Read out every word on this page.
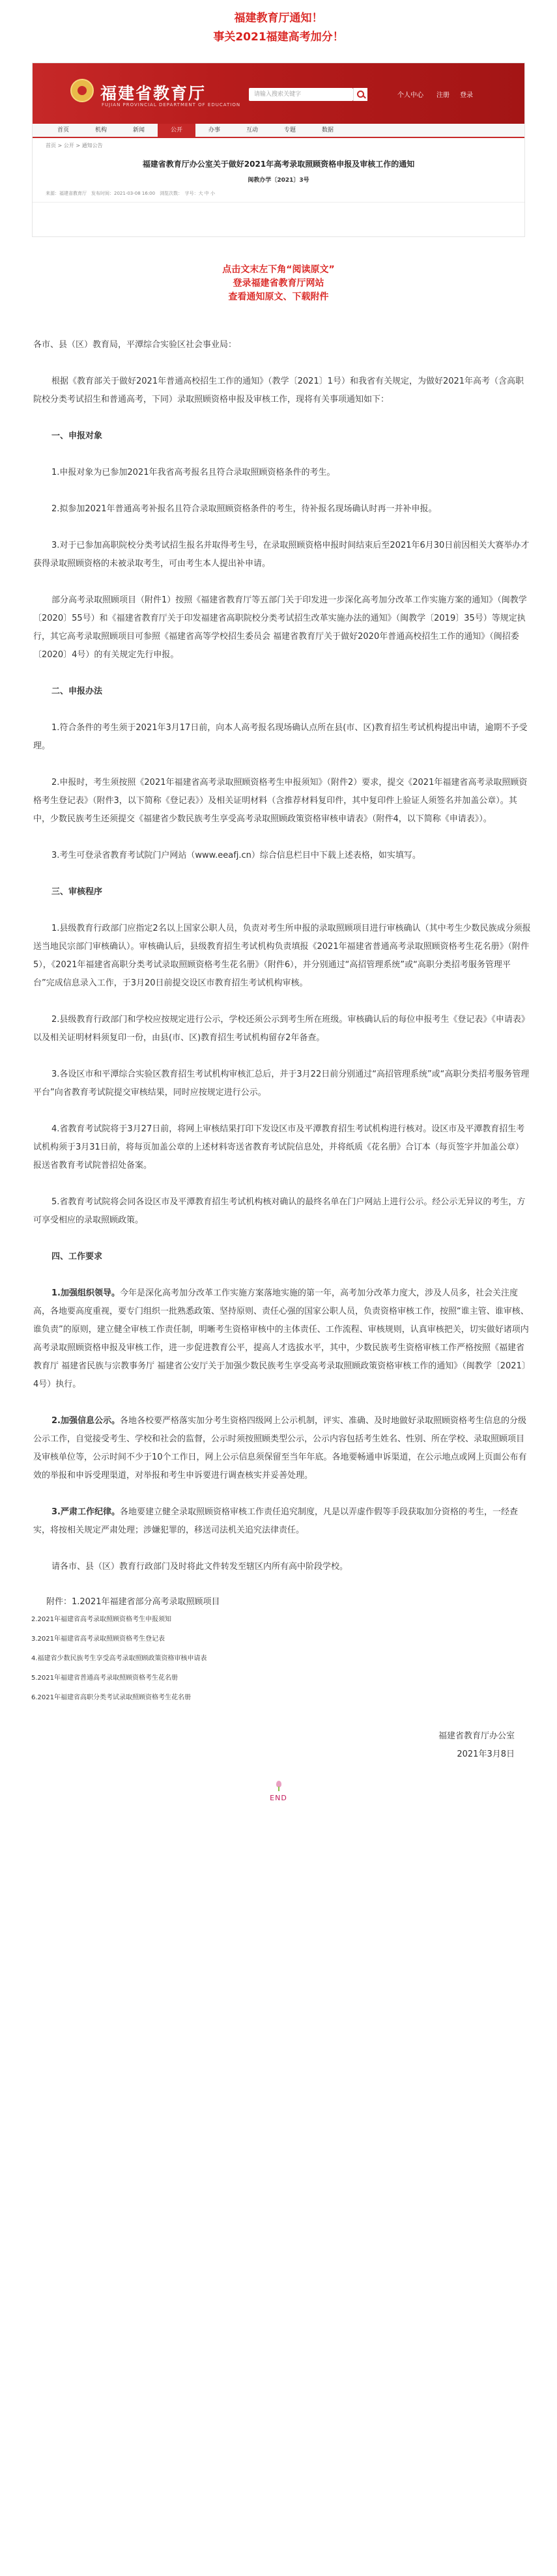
福建教育厅通知！
事关2021福建高考加分！
福建省教育厅
FUJIAN PROVINCIAL DEPARTMENT OF EDUCATION
请输入搜索关键字	个人中心 注册 登录
首页	机构	新闻	公开	办事	互动	专题	数据
首页 > 公开 > 通知公告
福建省教育厅办公室关于做好2021年高考录取照顾资格申报及审核工作的通知
闽教办学〔2021〕3号
来源：福建省教育厅　发布时间：2021-03-08 16:00　浏览次数：　字号：大 中 小
点击文末左下角“阅读原文”
登录福建省教育厅网站
查看通知原文、下载附件

各市、县（区）教育局，平潭综合实验区社会事业局：

根据《教育部关于做好2021年普通高校招生工作的通知》（教学〔2021〕1号）和我省有关规定，为做好2021年高考（含高职院校分类考试招生和普通高考，下同）录取照顾资格申报及审核工作，现将有关事项通知如下：

一、申报对象

1.申报对象为已参加2021年我省高考报名且符合录取照顾资格条件的考生。

2.拟参加2021年普通高考补报名且符合录取照顾资格条件的考生，待补报名现场确认时再一并补申报。

3.对于已参加高职院校分类考试招生报名并取得考生号，在录取照顾资格申报时间结束后至2021年6月30日前因相关大赛举办才获得录取照顾资格的未被录取考生，可由考生本人提出补申请。

部分高考录取照顾项目（附件1）按照《福建省教育厅等五部门关于印发进一步深化高考加分改革工作实施方案的通知》（闽教学〔2020〕55号）和《福建省教育厅关于印发福建省高职院校分类考试招生改革实施办法的通知》（闽教学〔2019〕35号）等规定执行，其它高考录取照顾项目可参照《福建省高等学校招生委员会 福建省教育厅关于做好2020年普通高校招生工作的通知》（闽招委〔2020〕4号）的有关规定先行申报。

二、申报办法

1.符合条件的考生须于2021年3月17日前，向本人高考报名现场确认点所在县(市、区)教育招生考试机构提出申请，逾期不予受理。

2.申报时，考生须按照《2021年福建省高考录取照顾资格考生申报须知》（附件2）要求，提交《2021年福建省高考录取照顾资格考生登记表》（附件3，以下简称《登记表》）及相关证明材料（含推荐材料复印件，其中复印件上验证人须签名并加盖公章）。其中，少数民族考生还须提交《福建省少数民族考生享受高考录取照顾政策资格审核申请表》（附件4，以下简称《申请表》）。

3.考生可登录省教育考试院门户网站（www.eeafj.cn）综合信息栏目中下载上述表格，如实填写。

三、审核程序

1.县级教育行政部门应指定2名以上国家公职人员，负责对考生所申报的录取照顾项目进行审核确认（其中考生少数民族成分须报送当地民宗部门审核确认）。审核确认后，县级教育招生考试机构负责填报《2021年福建省普通高考录取照顾资格考生花名册》（附件5），《2021年福建省高职分类考试录取照顾资格考生花名册》（附件6），并分别通过“高招管理系统”或“高职分类招考服务管理平台”完成信息录入工作，于3月20日前提交设区市教育招生考试机构审核。

2.县级教育行政部门和学校应按规定进行公示，学校还须公示到考生所在班级。审核确认后的每位申报考生《登记表》《申请表》以及相关证明材料须复印一份，由县(市、区)教育招生考试机构留存2年备查。

3.各设区市和平潭综合实验区教育招生考试机构审核汇总后，并于3月22日前分别通过“高招管理系统”或“高职分类招考服务管理平台”向省教育考试院提交审核结果，同时应按规定进行公示。

4.省教育考试院将于3月27日前，将网上审核结果打印下发设区市及平潭教育招生考试机构进行核对。设区市及平潭教育招生考试机构须于3月31日前，将每页加盖公章的上述材料寄送省教育考试院信息处，并将纸质《花名册》合订本（每页签字并加盖公章）报送省教育考试院普招处备案。

5.省教育考试院将会同各设区市及平潭教育招生考试机构核对确认的最终名单在门户网站上进行公示。经公示无异议的考生，方可享受相应的录取照顾政策。

四、工作要求

1.加强组织领导。今年是深化高考加分改革工作实施方案落地实施的第一年，高考加分改革力度大，涉及人员多，社会关注度高，各地要高度重视，要专门组织一批熟悉政策、坚持原则、责任心强的国家公职人员，负责资格审核工作，按照“谁主管、谁审核、谁负责”的原则，建立健全审核工作责任制，明晰考生资格审核中的主体责任、工作流程、审核规则，认真审核把关，切实做好诸项内高考录取照顾资格申报及审核工作，进一步促进教育公平，提高人才选拔水平，其中，少数民族考生资格审核工作严格按照《福建省教育厅 福建省民族与宗教事务厅 福建省公安厅关于加强少数民族考生享受高考录取照顾政策资格审核工作的通知》（闽教学〔2021〕4号）执行。

2.加强信息公示。各地各校要严格落实加分考生资格四级网上公示机制，评实、准确、及时地做好录取照顾资格考生信息的分级公示工作，自觉接受考生、学校和社会的监督，公示时须按照顾类型公示，公示内容包括考生姓名、性别、所在学校、录取照顾项目及审核单位等，公示时间不少于10个工作日，网上公示信息须保留至当年年底。各地要畅通申诉渠道，在公示地点或网上页面公布有效的举报和申诉受理渠道，对举报和考生申诉要进行调查核实并妥善处理。

3.严肃工作纪律。各地要建立健全录取照顾资格审核工作责任追究制度，凡是以弄虚作假等手段获取加分资格的考生，一经查实，将按相关规定严肃处理；涉嫌犯罪的，移送司法机关追究法律责任。

请各市、县（区）教育行政部门及时将此文件转发至辖区内所有高中阶段学校。

附件：1.2021年福建省部分高考录取照顾项目
2.2021年福建省高考录取照顾资格考生申报须知
3.2021年福建省高考录取照顾资格考生登记表
4.福建省少数民族考生享受高考录取照顾政策资格审核申请表
5.2021年福建省普通高考录取照顾资格考生花名册
6.2021年福建省高职分类考试录取照顾资格考生花名册
福建省教育厅办公室
2021年3月8日
END
